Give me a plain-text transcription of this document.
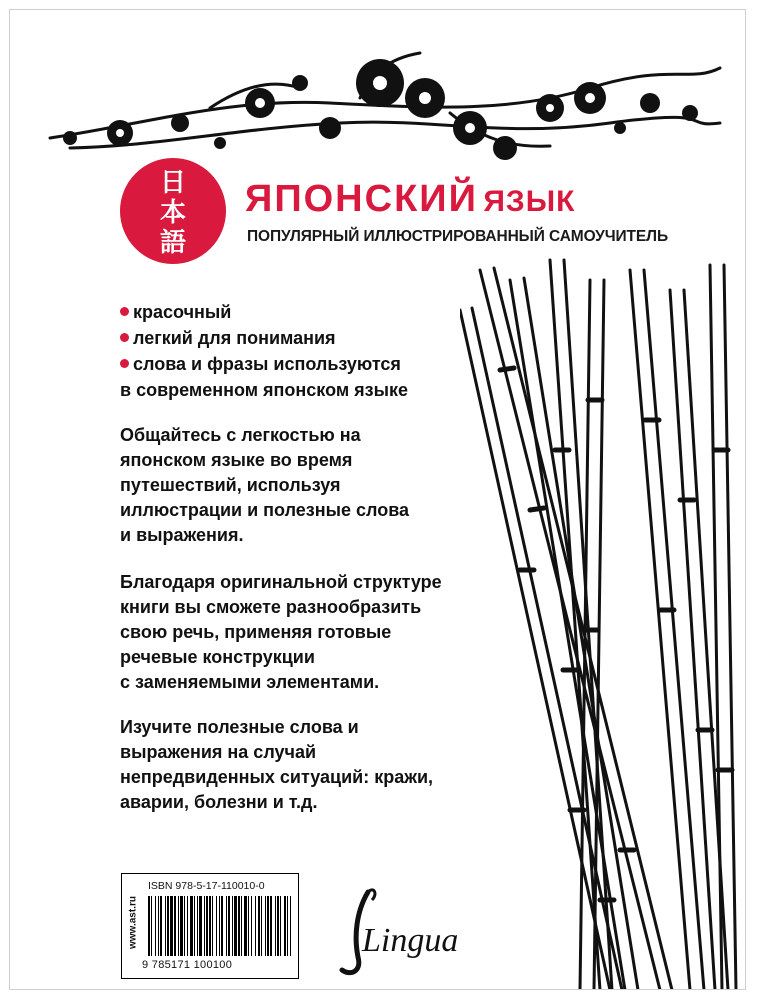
日本語
ЯПОНСКИЙ ЯЗЫК
ПОПУЛЯРНЫЙ ИЛЛЮСТРИРОВАННЫЙ САМОУЧИТЕЛЬ
красочный
легкий для понимания
слова и фразы используются
в современном японском языке
Общайтесь с легкостью на
японском языке во время
путешествий, используя
иллюстрации и полезные слова
и выражения.
Благодаря оригинальной структуре
книги вы сможете разнообразить
свою речь, применяя готовые
речевые конструкции
с заменяемыми элементами.
Изучите полезные слова и
выражения на случай
непредвиденных ситуаций: кражи,
аварии, болезни и т.д.
www.ast.ru
ISBN 978-5-17-110010-0
9 785171 100100
Lingua
